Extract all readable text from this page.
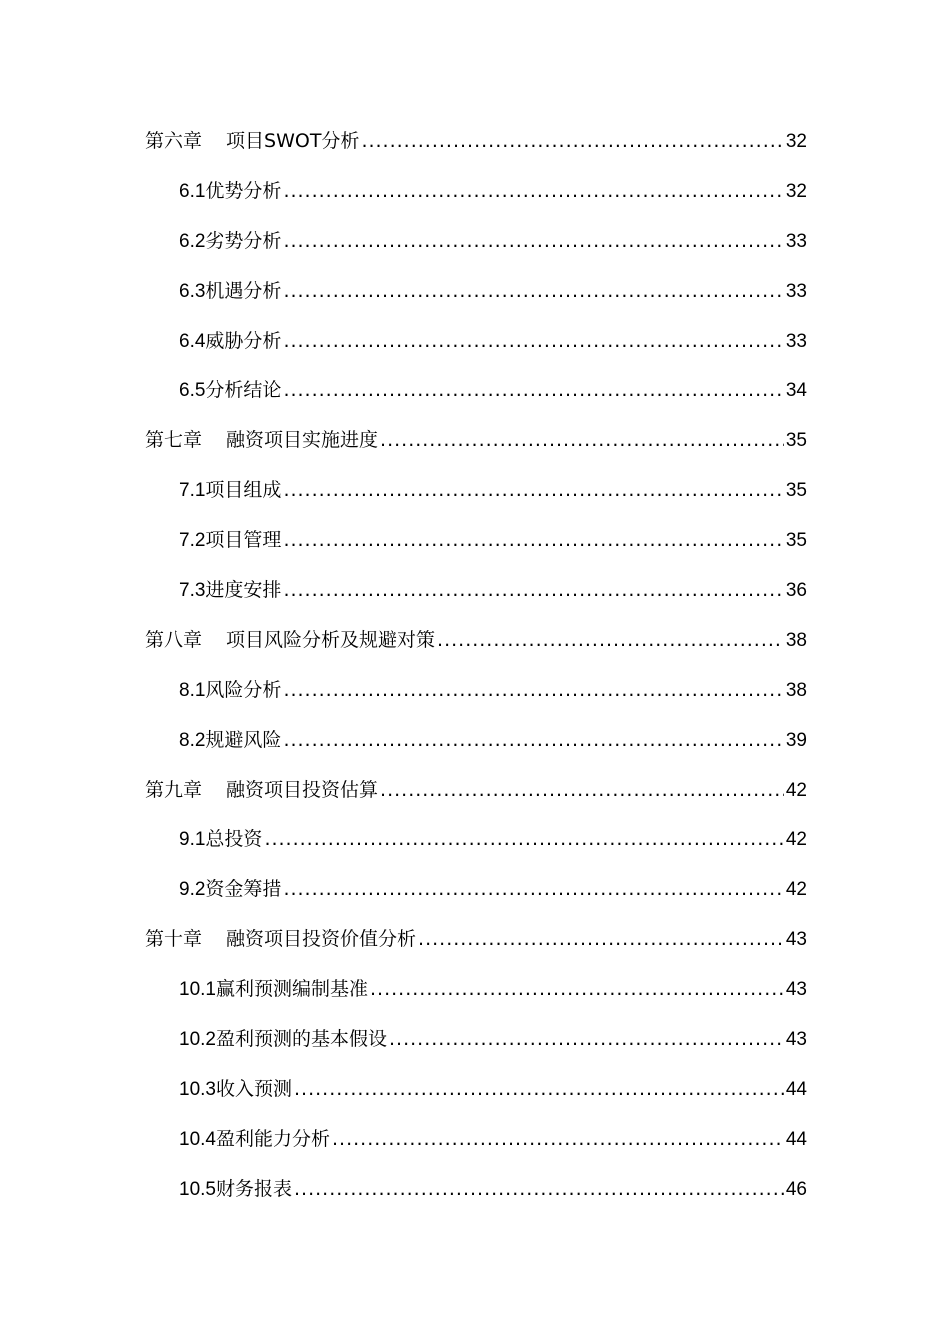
第六章 项目SWOT分析 .....	32
6.1 优势分析 .....	32
6.2 劣势分析 .....	33
6.3 机遇分析 .....	33
6.4 威胁分析 .....	33
6.5 分析结论 .....	34
第七章 融资项目实施进度 .....	35
7.1 项目组成 .....	35
7.2 项目管理 .....	35
7.3 进度安排 .....	36
第八章 项目风险分析及规避对策 .....	38
8.1 风险分析 .....	38
8.2 规避风险 .....	39
第九章 融资项目投资估算 .....	42
9.1 总投资 .....	42
9.2 资金筹措 .....	42
第十章 融资项目投资价值分析 .....	43
10.1 赢利预测编制基准 .....	43
10.2 盈利预测的基本假设 .....	43
10.3 收入预测 .....	44
10.4 盈利能力分析 .....	44
10.5 财务报表 .....	46
